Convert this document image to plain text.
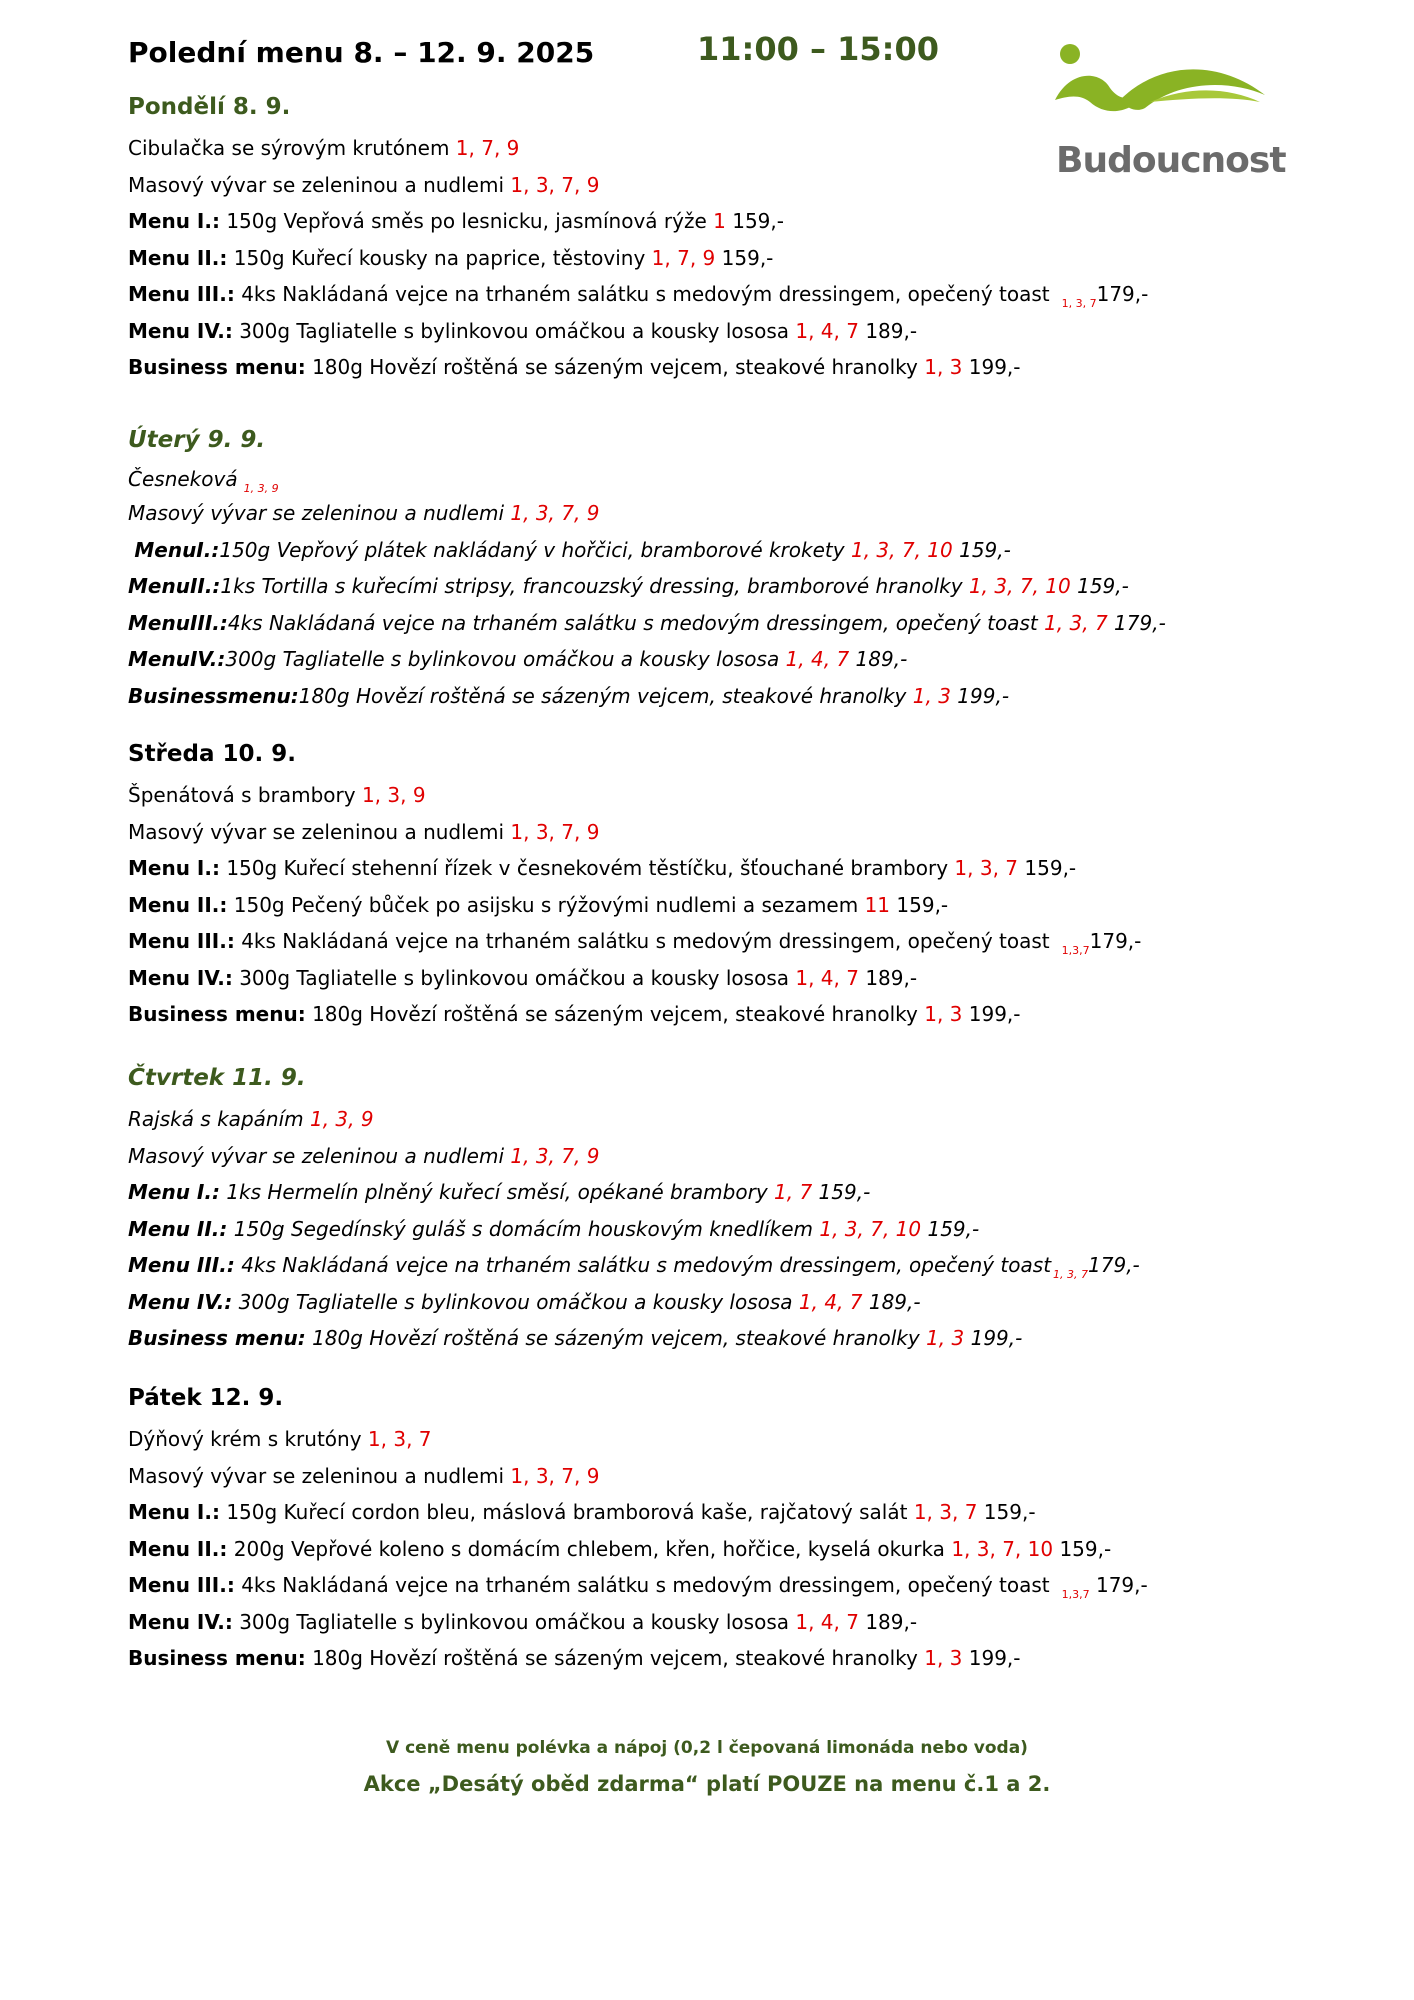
Polední menu 8. – 12. 9. 2025	11:00 – 15:00
Budoucnost
Pondělí 8. 9.
Cibulačka se sýrovým krutónem 1, 7, 9
Masový vývar se zeleninou a nudlemi 1, 3, 7, 9
Menu I.: 150g Vepřová směs po lesnicku, jasmínová rýže 1 159,-
Menu II.: 150g Kuřecí kousky na paprice, těstoviny 1, 7, 9 159,-
Menu III.: 4ks Nakládaná vejce na trhaném salátku s medovým dressingem, opečený toast $_{1, 3, 7}$179,-
Menu IV.: 300g Tagliatelle s bylinkovou omáčkou a kousky lososa 1, 4, 7 189,-
Business menu: 180g Hovězí roštěná se sázeným vejcem, steakové hranolky 1, 3 199,-
Úterý 9. 9.
Česneková $_{1, 3, 9}$
Masový vývar se zeleninou a nudlemi 1, 3, 7, 9
MenuI.:150g Vepřový plátek nakládaný v hořčici, bramborové krokety 1, 3, 7, 10 159,-
MenuII.:1ks Tortilla s kuřecími stripsy, francouzský dressing, bramborové hranolky 1, 3, 7, 10 159,-
MenuIII.:4ks Nakládaná vejce na trhaném salátku s medovým dressingem, opečený toast 1, 3, 7 179,-
MenuIV.:300g Tagliatelle s bylinkovou omáčkou a kousky lososa 1, 4, 7 189,-
Businessmenu:180g Hovězí roštěná se sázeným vejcem, steakové hranolky 1, 3 199,-
Středa 10. 9.
Špenátová s brambory 1, 3, 9
Masový vývar se zeleninou a nudlemi 1, 3, 7, 9
Menu I.: 150g Kuřecí stehenní řízek v česnekovém těstíčku, šťouchané brambory 1, 3, 7 159,-
Menu II.: 150g Pečený bůček po asijsku s rýžovými nudlemi a sezamem 11 159,-
Menu III.: 4ks Nakládaná vejce na trhaném salátku s medovým dressingem, opečený toast $_{1,3,7}$179,-
Menu IV.: 300g Tagliatelle s bylinkovou omáčkou a kousky lososa 1, 4, 7 189,-
Business menu: 180g Hovězí roštěná se sázeným vejcem, steakové hranolky 1, 3 199,-
Čtvrtek 11. 9.
Rajská s kapáním 1, 3, 9
Masový vývar se zeleninou a nudlemi 1, 3, 7, 9
Menu I.: 1ks Hermelín plněný kuřecí směsí, opékané brambory 1, 7 159,-
Menu II.: 150g Segedínský guláš s domácím houskovým knedlíkem 1, 3, 7, 10 159,-
Menu III.: 4ks Nakládaná vejce na trhaném salátku s medovým dressingem, opečený toast $_{1, 3, 7}$179,-
Menu IV.: 300g Tagliatelle s bylinkovou omáčkou a kousky lososa 1, 4, 7 189,-
Business menu: 180g Hovězí roštěná se sázeným vejcem, steakové hranolky 1, 3 199,-
Pátek 12. 9.
Dýňový krém s krutóny 1, 3, 7
Masový vývar se zeleninou a nudlemi 1, 3, 7, 9
Menu I.: 150g Kuřecí cordon bleu, máslová bramborová kaše, rajčatový salát 1, 3, 7 159,-
Menu II.: 200g Vepřové koleno s domácím chlebem, křen, hořčice, kyselá okurka 1, 3, 7, 10 159,-
Menu III.: 4ks Nakládaná vejce na trhaném salátku s medovým dressingem, opečený toast $_{1,3,7}$ 179,-
Menu IV.: 300g Tagliatelle s bylinkovou omáčkou a kousky lososa 1, 4, 7 189,-
Business menu: 180g Hovězí roštěná se sázeným vejcem, steakové hranolky 1, 3 199,-
V ceně menu polévka a nápoj (0,2 l čepovaná limonáda nebo voda)
Akce „Desátý oběd zdarma“ platí POUZE na menu č.1 a 2.
